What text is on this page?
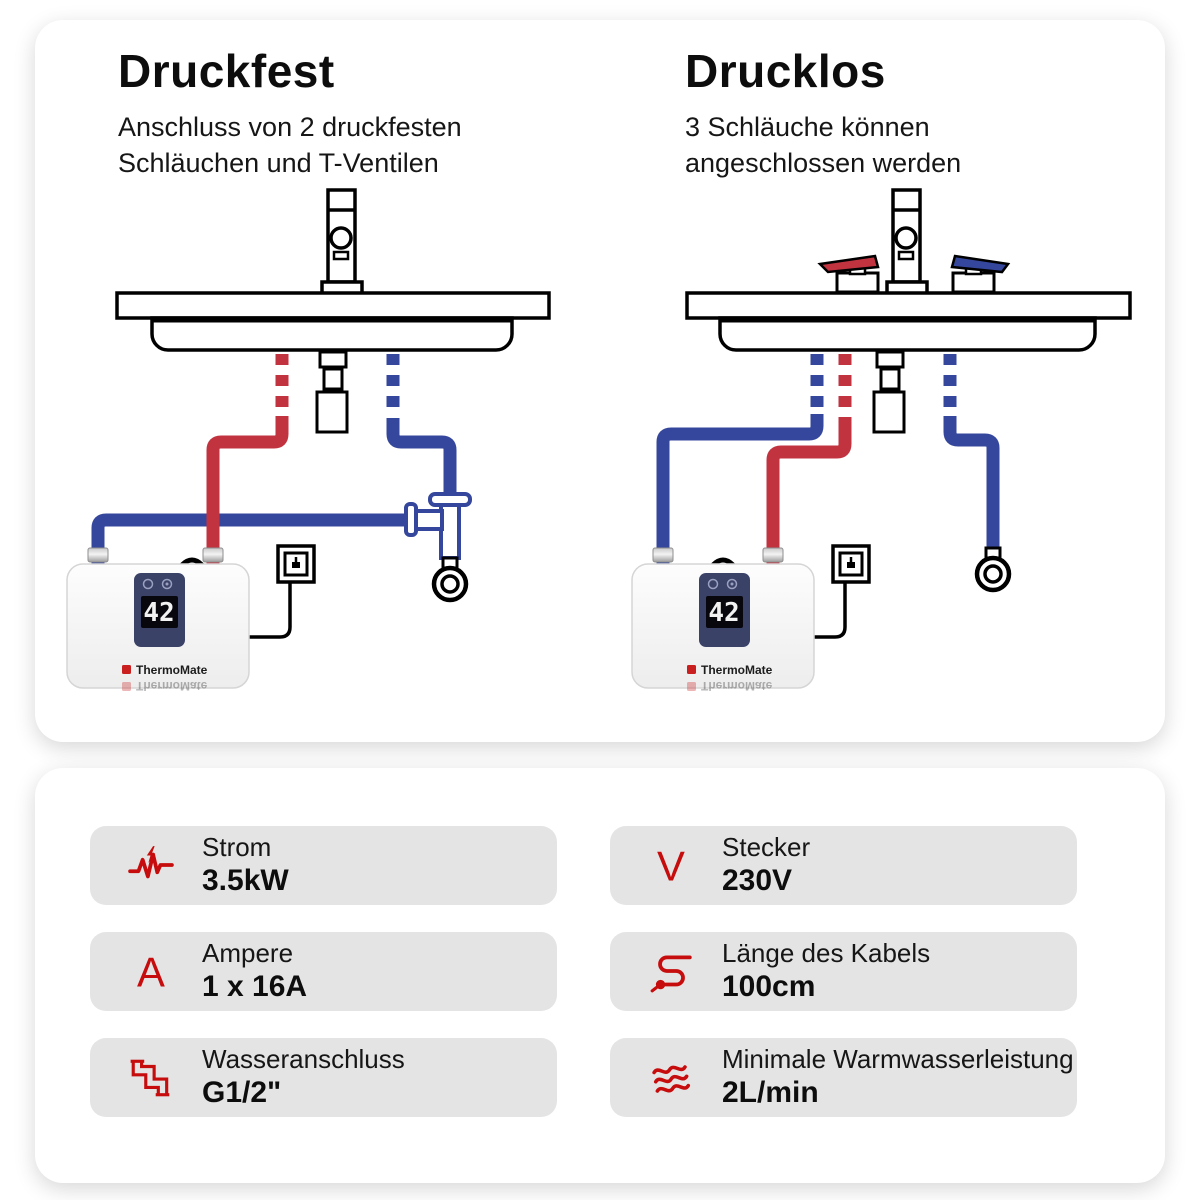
Druckfest

Anschluss von 2 druckfesten
Schläuchen und T-Ventilen

Drucklos

3 Schläuche können
angeschlossen werden

42
ThermoMate
ThermoMate
42
ThermoMate
ThermoMate
Strom
3.5kW	V Stecker
230V
A Ampere
1 x 16A
Länge des Kabels
100cm
Wasseranschluss
G1/2"
Minimale Warmwasserleistung
2L/min
